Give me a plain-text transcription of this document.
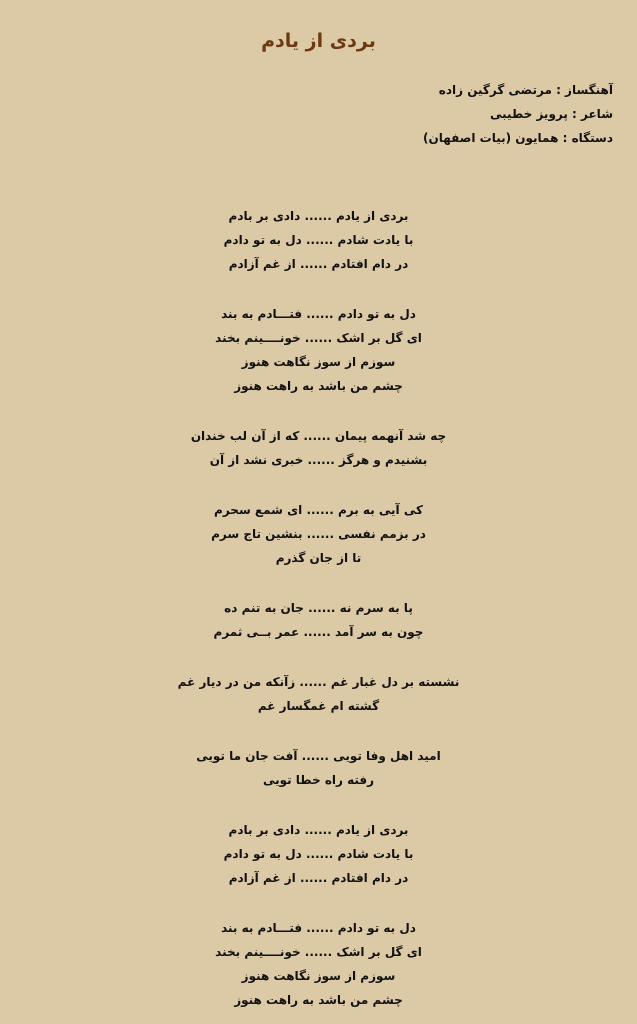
بردی از یادم
آهنگساز : مرتضی گرگین زاده
شاعر : پرویز خطیبی
دستگاه : همایون (بیات اصفهان)
بردی از یادم ...... دادی بر بادم
با یادت شادم ...... دل به تو دادم
در دام افتادم ...... از غم آزادم
دل به تو دادم ...... فتـــادم به بند
ای گل بر اشک ...... خونــــینم بخند
سوزم از سوز نگاهت هنوز
چشم من باشد به راهت هنوز
چه شد آنهمه پیمان ...... که از آن لب خندان
بشنیدم و هرگز ...... خبری نشد از آن
کی آیی به برم ...... ای شمع سحرم
در بزمم نفسی ...... بنشین تاج سرم
تا از جان گذرم
پا به سرم نه ...... جان به تنم ده
چون به سر آمد ...... عمر بــی ثمرم
نشسته بر دل غبار غم ...... زآنکه من در دیار غم
گشته ام غمگسار غم
امید اهل وفا تویی ...... آفت جان ما تویی
رفته راه خطا تویی
بردی از یادم ...... دادی بر بادم
با یادت شادم ...... دل به تو دادم
در دام افتادم ...... از غم آزادم
دل به تو دادم ...... فتـــادم به بند
ای گل بر اشک ...... خونــــینم بخند
سوزم از سوز نگاهت هنوز
چشم من باشد به راهت هنوز
